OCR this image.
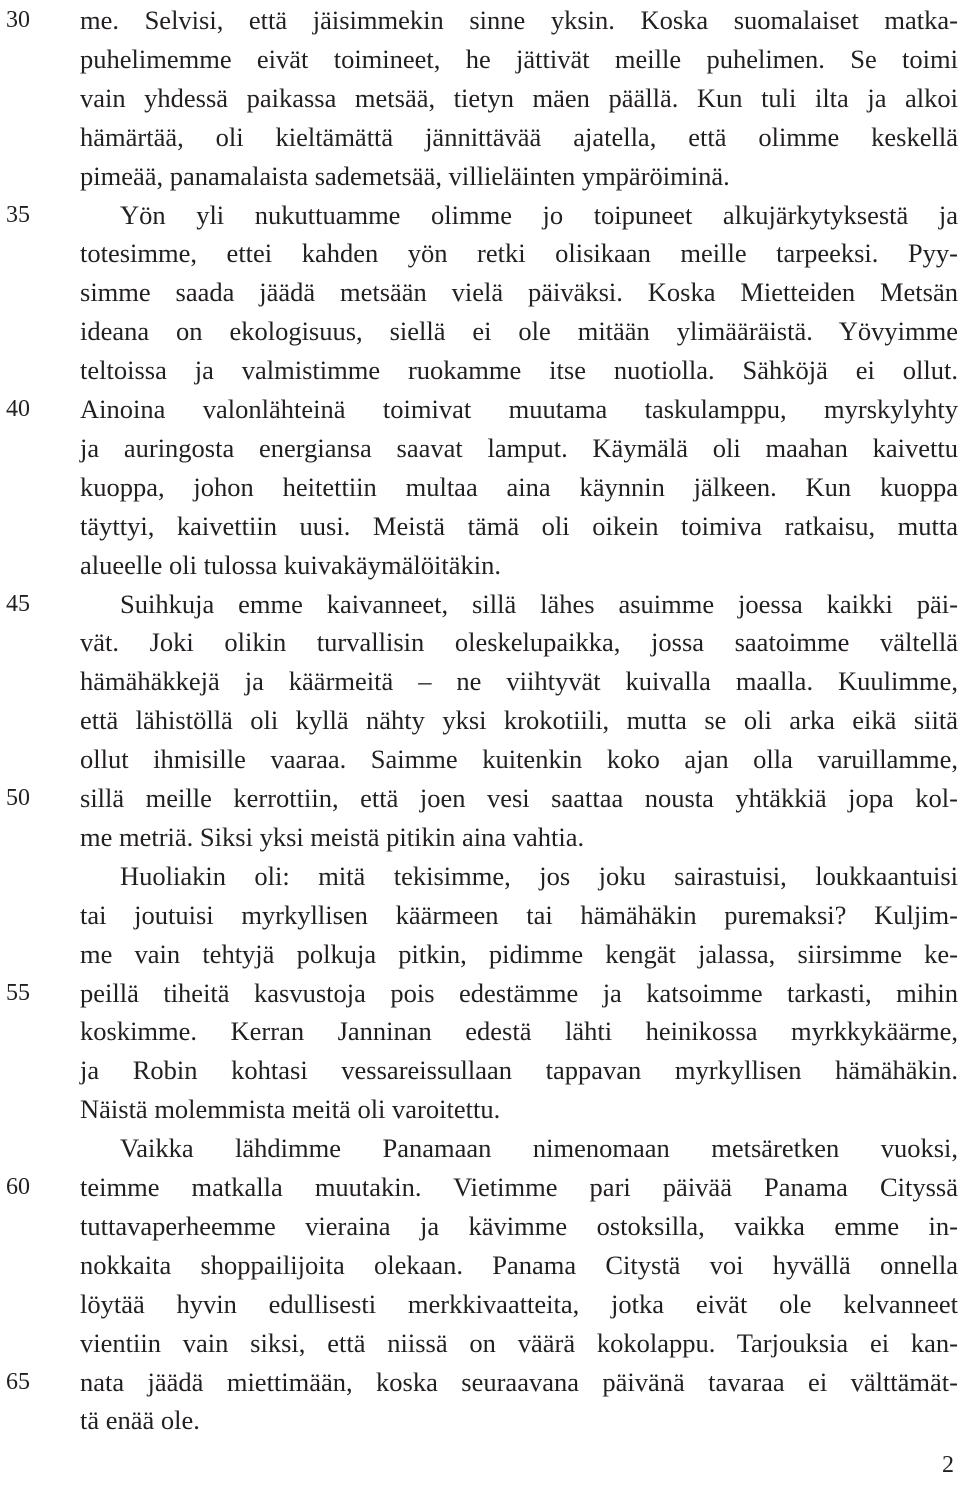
30
35
40
45
50
55
60
65
me. Selvisi, että jäisimmekin sinne yksin. Koska suomalaiset matka-
puhelimemme eivät toimineet, he jättivät meille puhelimen. Se toimi
vain yhdessä paikassa metsää, tietyn mäen päällä. Kun tuli ilta ja alkoi
hämärtää, oli kieltämättä jännittävää ajatella, että olimme keskellä
pimeää, panamalaista sademetsää, villieläinten ympäröiminä.
Yön yli nukuttuamme olimme jo toipuneet alkujärkytyksestä ja
totesimme, ettei kahden yön retki olisikaan meille tarpeeksi. Pyy-
simme saada jäädä metsään vielä päiväksi. Koska Mietteiden Metsän
ideana on ekologisuus, siellä ei ole mitään ylimääräistä. Yövyimme
teltoissa ja valmistimme ruokamme itse nuotiolla. Sähköjä ei ollut.
Ainoina valonlähteinä toimivat muutama taskulamppu, myrskylyhty
ja auringosta energiansa saavat lamput. Käymälä oli maahan kaivettu
kuoppa, johon heitettiin multaa aina käynnin jälkeen. Kun kuoppa
täyttyi, kaivettiin uusi. Meistä tämä oli oikein toimiva ratkaisu, mutta
alueelle oli tulossa kuivakäymälöitäkin.
Suihkuja emme kaivanneet, sillä lähes asuimme joessa kaikki päi-
vät. Joki olikin turvallisin oleskelupaikka, jossa saatoimme vältellä
hämähäkkejä ja käärmeitä – ne viihtyvät kuivalla maalla. Kuulimme,
että lähistöllä oli kyllä nähty yksi krokotiili, mutta se oli arka eikä siitä
ollut ihmisille vaaraa. Saimme kuitenkin koko ajan olla varuillamme,
sillä meille kerrottiin, että joen vesi saattaa nousta yhtäkkiä jopa kol-
me metriä. Siksi yksi meistä pitikin aina vahtia.
Huoliakin oli: mitä tekisimme, jos joku sairastuisi, loukkaantuisi
tai joutuisi myrkyllisen käärmeen tai hämähäkin puremaksi? Kuljim-
me vain tehtyjä polkuja pitkin, pidimme kengät jalassa, siirsimme ke-
peillä tiheitä kasvustoja pois edestämme ja katsoimme tarkasti, mihin
koskimme. Kerran Janninan edestä lähti heinikossa myrkkykäärme,
ja Robin kohtasi vessareissullaan tappavan myrkyllisen hämähäkin.
Näistä molemmista meitä oli varoitettu.
Vaikka lähdimme Panamaan nimenomaan metsäretken vuoksi,
teimme matkalla muutakin. Vietimme pari päivää Panama Cityssä
tuttavaperheemme vieraina ja kävimme ostoksilla, vaikka emme in-
nokkaita shoppailijoita olekaan. Panama Citystä voi hyvällä onnella
löytää hyvin edullisesti merkkivaatteita, jotka eivät ole kelvanneet
vientiin vain siksi, että niissä on väärä kokolappu. Tarjouksia ei kan-
nata jäädä miettimään, koska seuraavana päivänä tavaraa ei välttämät-
tä enää ole.
2
